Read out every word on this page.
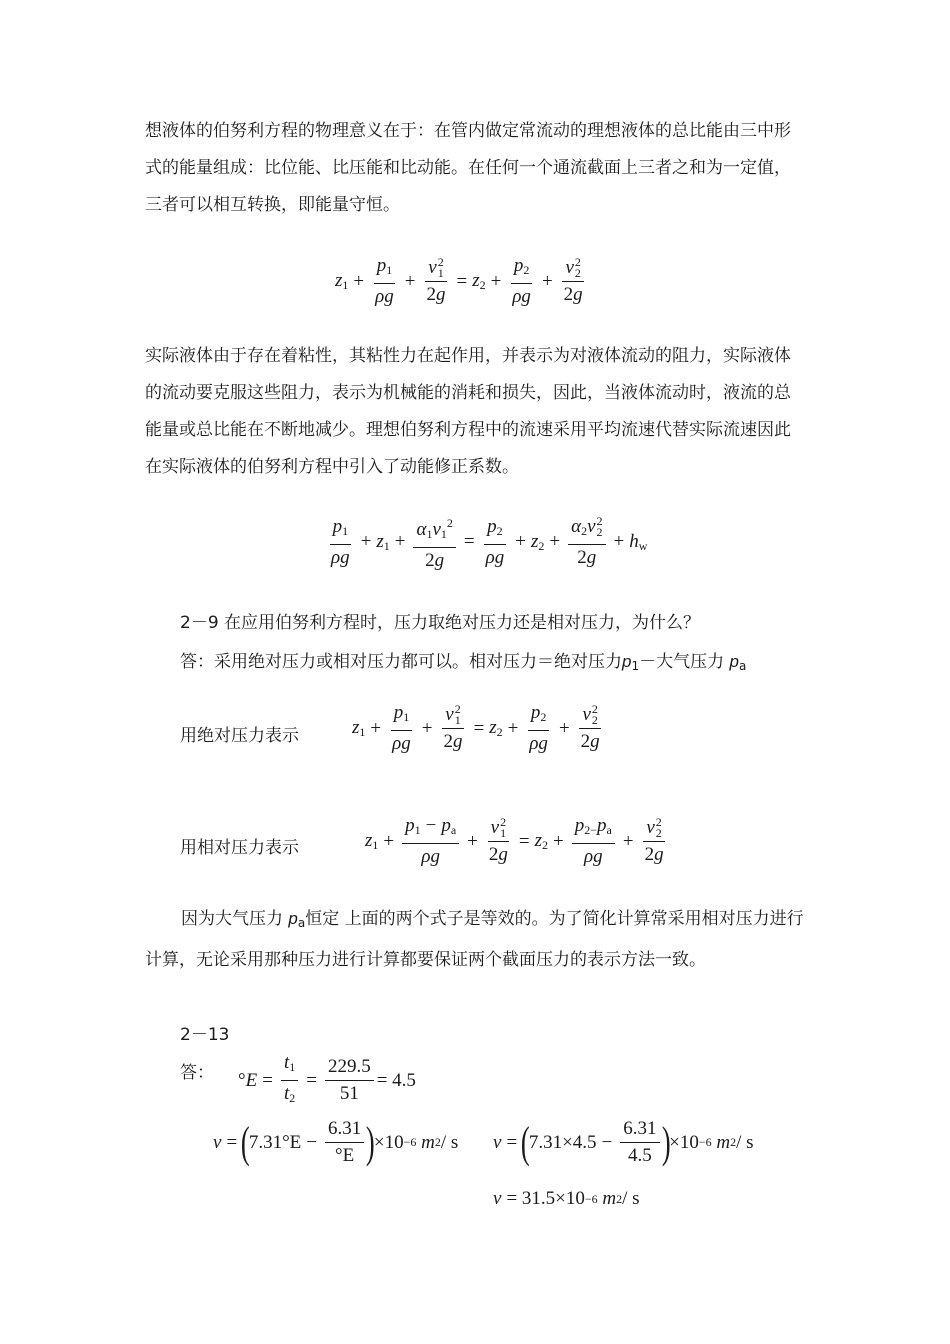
想液体的伯努利方程的物理意义在于：在管内做定常流动的理想液体的总比能由三中形式的能量组成：比位能、比压能和比动能。在任何一个通流截面上三者之和为一定值，三者可以相互转换，即能量守恒。

$z_1 + \frac{p_1}{\rho g} + v$ 2
1
$2g = z_2 + \frac{p_2}{\rho g} + v$ 2
2
2g

实际液体由于存在着粘性，其粘性力在起作用，并表示为对液体流动的阻力，实际液体的流动要克服这些阻力，表示为机械能的消耗和损失，因此，当液体流动时，液流的总能量或总比能在不断地减少。理想伯努利方程中的流速采用平均流速代替实际流速因此在实际液体的伯努利方程中引入了动能修正系数。

$\frac{p_1}{\rho g} + z_1 + \frac{\alpha_1v_1^2}{2g} = \frac{p_2}{\rho g} + z_2 + \alpha_2v$ 2
2
$2g + h_w$
2－9 在应用伯努利方程时，压力取绝对压力还是相对压力，为什么？
答：采用绝对压力或相对压力都可以。相对压力＝绝对压力$p_1-$大气压力 $p_a$
用绝对压力表示	$z_1 + \frac{p_1}{\rho g} + v$ 2
1
$2g = z_2 + \frac{p_2}{\rho g} + v$ 2
2
2g
用相对压力表示	$z_1 + \frac{p_1 - p_a}{\rho g} + v$ 2
1
$2g = z_2 + \frac{p_{2-}p_a}{\rho g} + v$ 2
2
2g

因为大气压力 $p_a$恒定 上面的两个式子是等效的。为了简化计算常采用相对压力进行计算，无论采用那种压力进行计算都要保证两个截面压力的表示方法一致。

2－13
答： $^\circ E = \frac{t_1}{t_2} = \frac{229.5}{51} = 4.5$
ν = (
$7.31^\circ E - \frac{6.31}{^\circ E}$ )
×10 −6 m 2 / s ν = (
$7.31\times 4.5 - \frac{6.31}{4.5}$ )
×10 −6 m 2 / s
ν = 31.5×10 −6 m 2 / s
